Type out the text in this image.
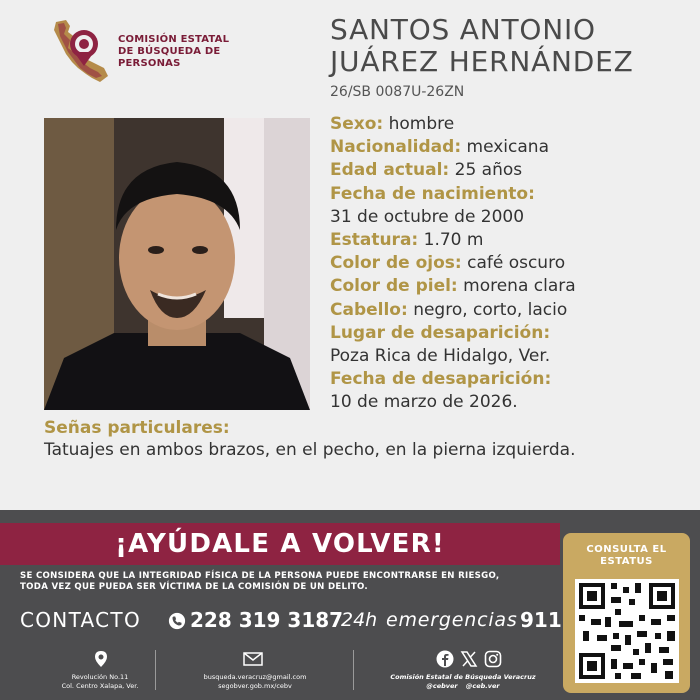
COMISIÓN ESTATAL
DE BÚSQUEDA DE
PERSONAS
SANTOS ANTONIO
JUÁREZ HERNÁNDEZ
26/SB 0087U-26ZN
Sexo: hombre
Nacionalidad: mexicana
Edad actual: 25 años
Fecha de nacimiento:
31 de octubre de 2000
Estatura: 1.70 m
Color de ojos: café oscuro
Color de piel: morena clara
Cabello: negro, corto, lacio
Lugar de desaparición:
Poza Rica de Hidalgo, Ver.
Fecha de desaparición:
10 de marzo de 2026.
Señas particulares:
Tatuajes en ambos brazos, en el pecho, en la pierna izquierda.
¡AYÚDALE A VOLVER!
SE CONSIDERA QUE LA INTEGRIDAD FÍSICA DE LA PERSONA PUEDE ENCONTRARSE EN RIESGO,
TODA VEZ QUE PUEDA SER VÍCTIMA DE LA COMISIÓN DE UN DELITO.
CONTACTO 228 319 3187
24h emergencias 911
CONSULTA EL
ESTATUS
Revolución No.11
Col. Centro Xalapa, Ver.
busqueda.veracruz@gmail.com
segobver.gob.mx/cebv
Comisión Estatal de Búsqueda Veracruz
@cebver @ceb.ver
